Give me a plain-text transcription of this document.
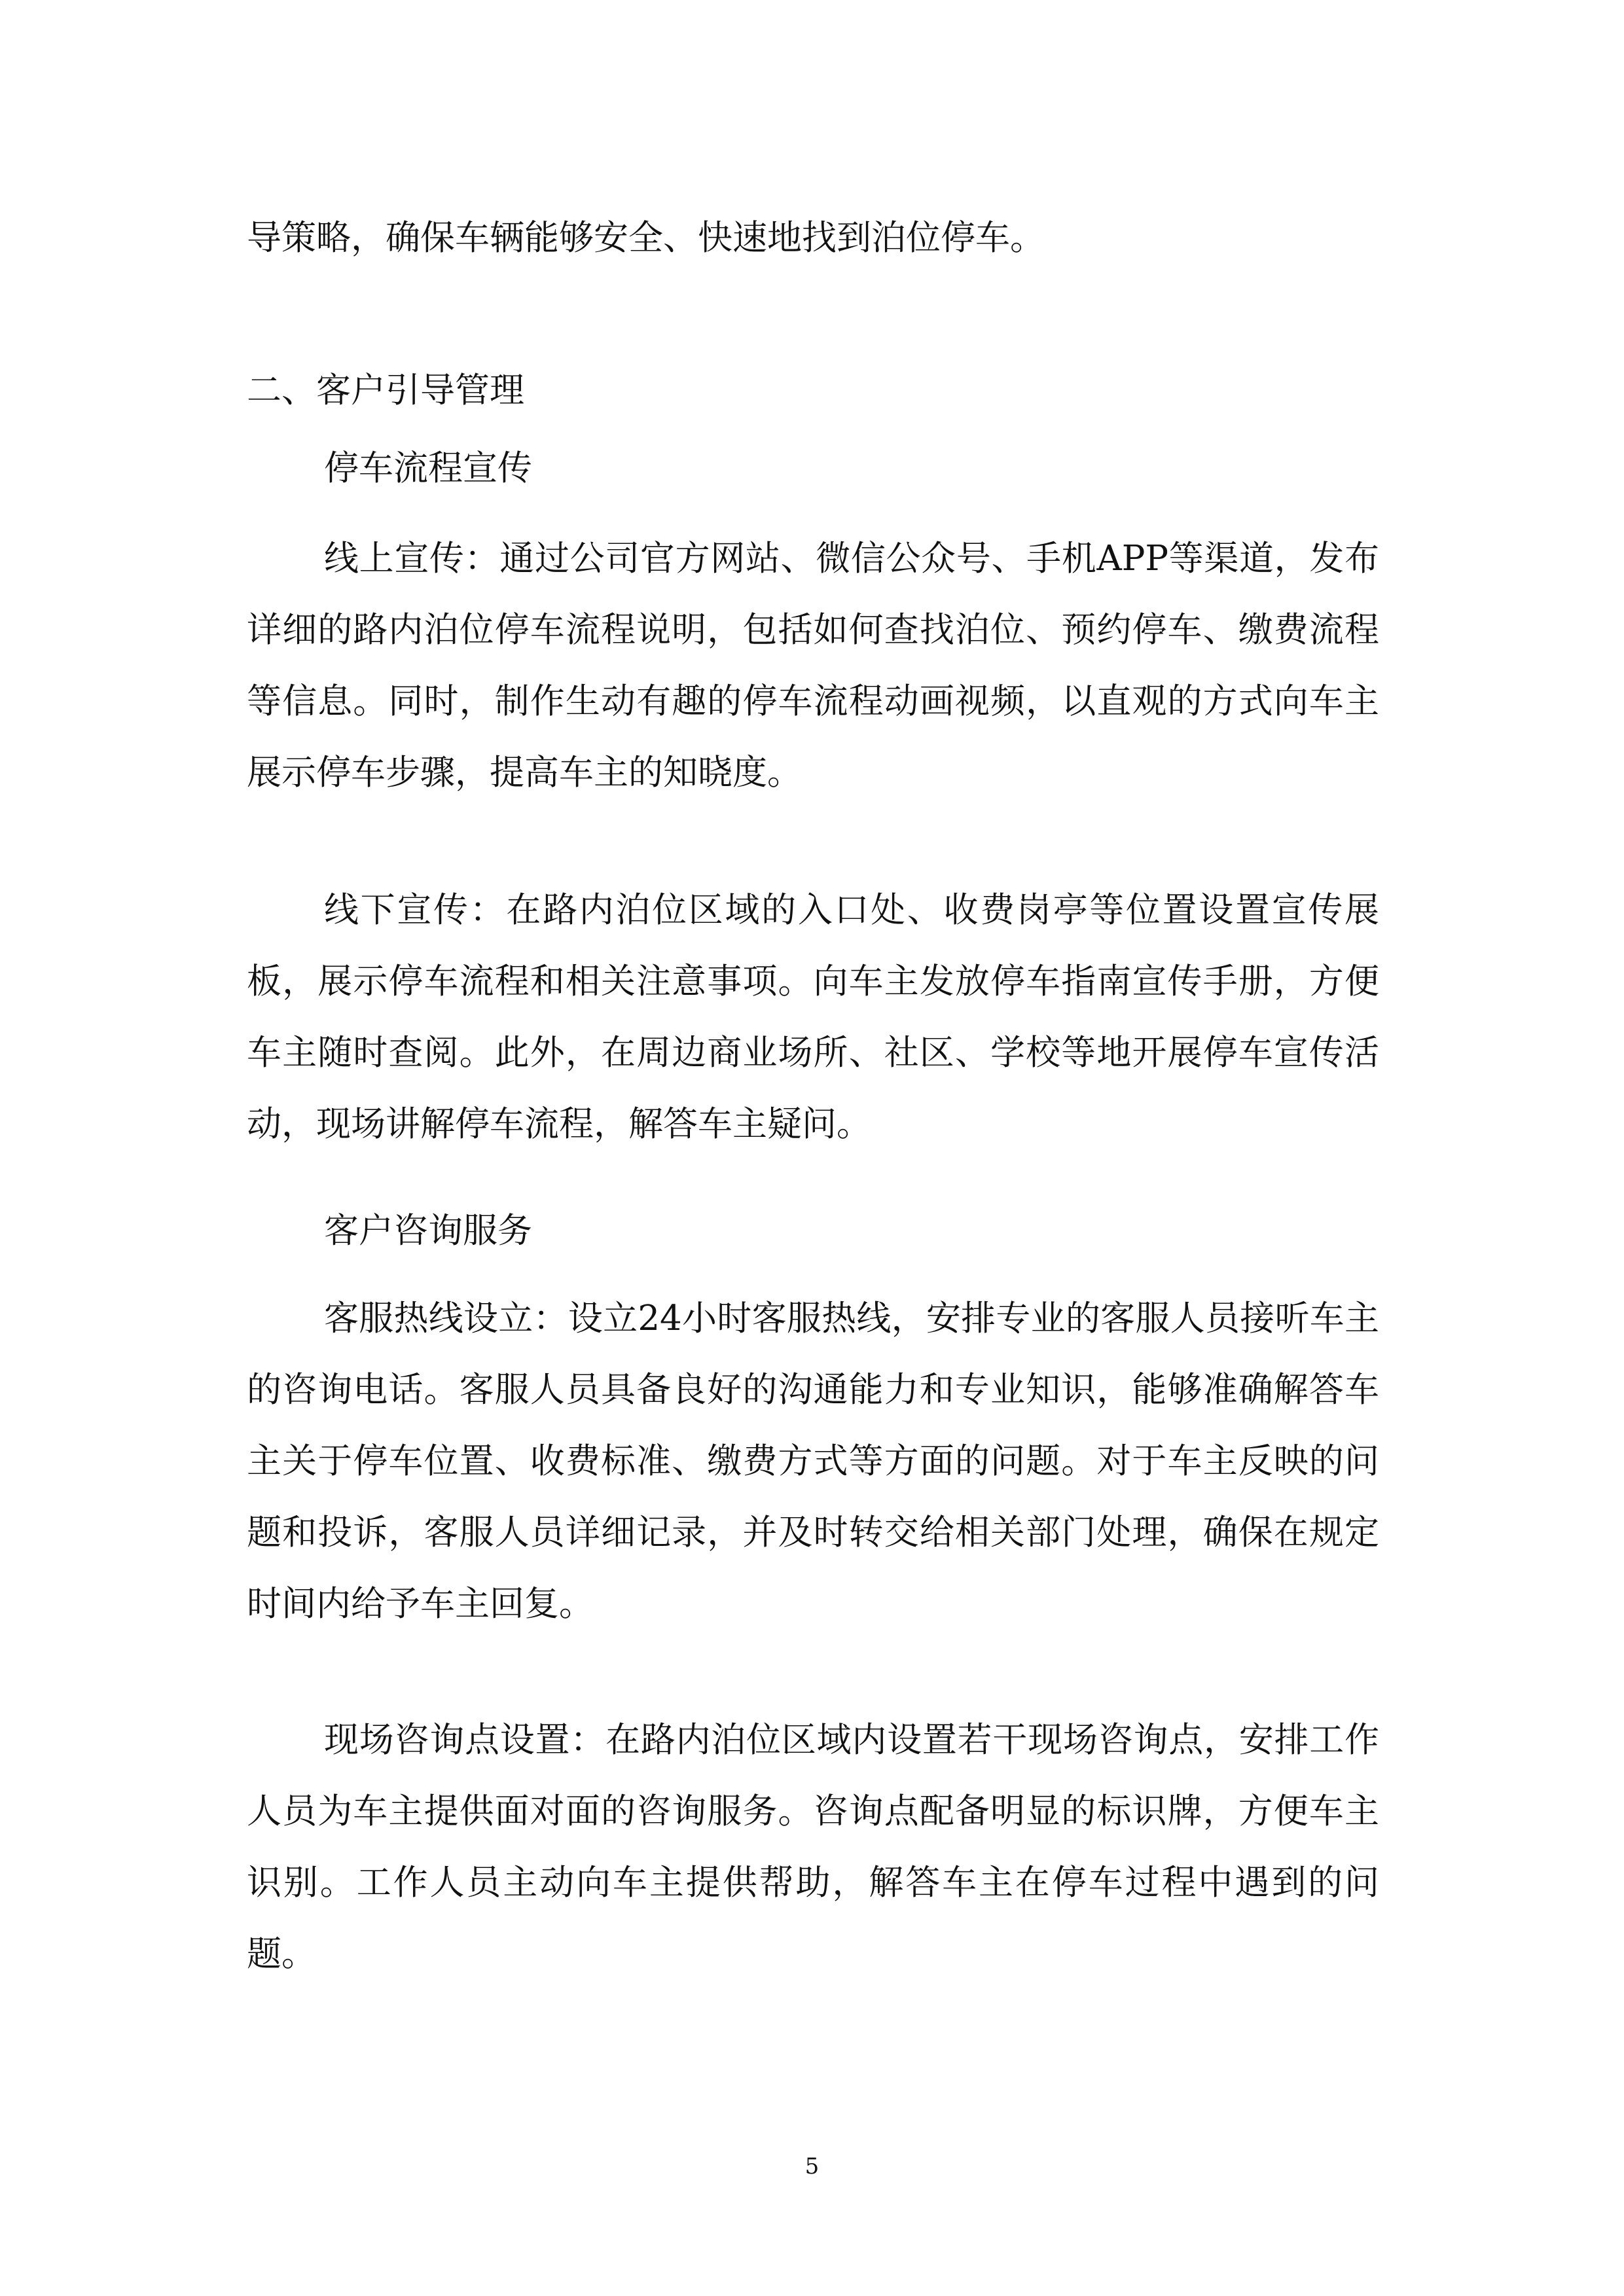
导策略，确保车辆能够安全、快速地找到泊位停车。

二、客户引导管理

停车流程宣传

线上宣传：通过公司官方网站、微信公众号、手机APP等渠道，发布详细的路内泊位停车流程说明，包括如何查找泊位、预约停车、缴费流程等信息。同时，制作生动有趣的停车流程动画视频，以直观的方式向车主展示停车步骤，提高车主的知晓度。

线下宣传：在路内泊位区域的入口处、收费岗亭等位置设置宣传展板，展示停车流程和相关注意事项。向车主发放停车指南宣传手册，方便车主随时查阅。此外，在周边商业场所、社区、学校等地开展停车宣传活动，现场讲解停车流程，解答车主疑问。

客户咨询服务

客服热线设立：设立24小时客服热线，安排专业的客服人员接听车主的咨询电话。客服人员具备良好的沟通能力和专业知识，能够准确解答车主关于停车位置、收费标准、缴费方式等方面的问题。对于车主反映的问题和投诉，客服人员详细记录，并及时转交给相关部门处理，确保在规定时间内给予车主回复。

现场咨询点设置：在路内泊位区域内设置若干现场咨询点，安排工作人员为车主提供面对面的咨询服务。咨询点配备明显的标识牌，方便车主识别。工作人员主动向车主提供帮助，解答车主在停车过程中遇到的问题。

5
